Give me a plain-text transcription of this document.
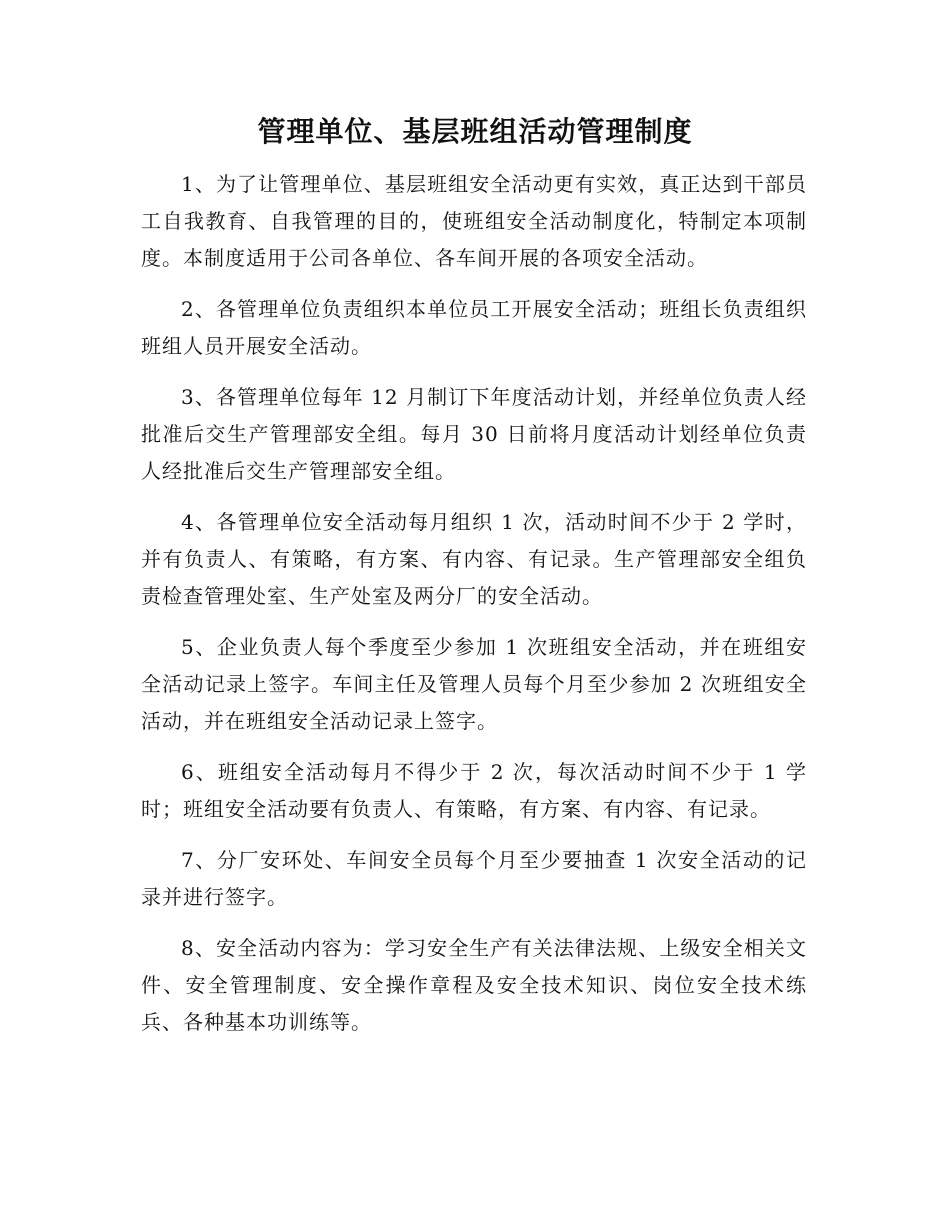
管理单位、基层班组活动管理制度

1、为了让管理单位、基层班组安全活动更有实效，真正达到干部员工自我教育、自我管理的目的，使班组安全活动制度化，特制定本项制度。本制度适用于公司各单位、各车间开展的各项安全活动。

2、各管理单位负责组织本单位员工开展安全活动；班组长负责组织班组人员开展安全活动。

3、各管理单位每年 12 月制订下年度活动计划，并经单位负责人经批准后交生产管理部安全组。每月 30 日前将月度活动计划经单位负责人经批准后交生产管理部安全组。

4、各管理单位安全活动每月组织 1 次，活动时间不少于 2 学时，并有负责人、有策略，有方案、有内容、有记录。生产管理部安全组负责检查管理处室、生产处室及两分厂的安全活动。

5、企业负责人每个季度至少参加 1 次班组安全活动，并在班组安全活动记录上签字。车间主任及管理人员每个月至少参加 2 次班组安全活动，并在班组安全活动记录上签字。

6、班组安全活动每月不得少于 2 次，每次活动时间不少于 1 学时；班组安全活动要有负责人、有策略，有方案、有内容、有记录。

7、分厂安环处、车间安全员每个月至少要抽查 1 次安全活动的记录并进行签字。

8、安全活动内容为：学习安全生产有关法律法规、上级安全相关文件、安全管理制度、安全操作章程及安全技术知识、岗位安全技术练兵、各种基本功训练等。
